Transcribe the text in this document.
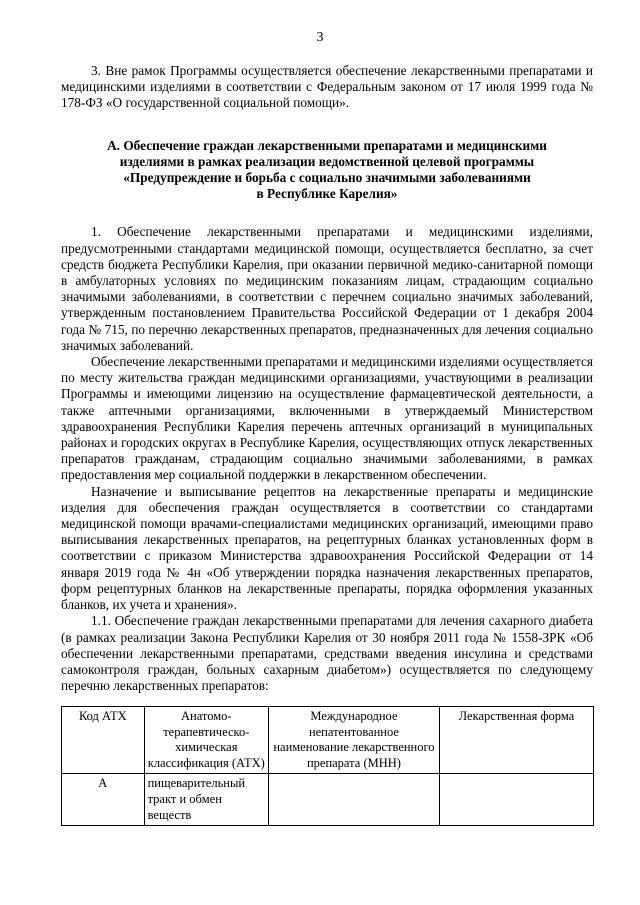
3

3. Вне рамок Программы осуществляется обеспечение лекарственными препаратами и медицинскими изделиями в соответствии с Федеральным законом от 17 июля 1999 года № 178-ФЗ «О государственной социальной помощи».

А. Обеспечение граждан лекарственными препаратами и медицинскими
изделиями в рамках реализации ведомственной целевой программы
«Предупреждение и борьба с социально значимыми заболеваниями
в Республике Карелия»

1. Обеспечение лекарственными препаратами и медицинскими изделиями, предусмотренными стандартами медицинской помощи, осуществляется бесплатно, за счет средств бюджета Республики Карелия, при оказании первичной медико-санитарной помощи в амбулаторных условиях по медицинским показаниям лицам, страдающим социально значимыми заболеваниями, в соответствии с перечнем социально значимых заболеваний, утвержденным постановлением Правительства Российской Федерации от 1 декабря 2004 года № 715, по перечню лекарственных препаратов, предназначенных для лечения социально значимых заболеваний.

Обеспечение лекарственными препаратами и медицинскими изделиями осуществляется по месту жительства граждан медицинскими организациями, участвующими в реализации Программы и имеющими лицензию на осуществление фармацевтической деятельности, а также аптечными организациями, включенными в утверждаемый Министерством здравоохранения Республики Карелия перечень аптечных организаций в муниципальных районах и городских округах в Республике Карелия, осуществляющих отпуск лекарственных препаратов гражданам, страдающим социально значимыми заболеваниями, в рамках предоставления мер социальной поддержки в лекарственном обеспечении.

Назначение и выписывание рецептов на лекарственные препараты и медицинские изделия для обеспечения граждан осуществляется в соответствии со стандартами медицинской помощи врачами-специалистами медицинских организаций, имеющими право выписывания лекарственных препаратов, на рецептурных бланках установленных форм в соответствии с приказом Министерства здравоохранения Российской Федерации от 14 января 2019 года № 4н «Об утверждении порядка назначения лекарственных препаратов, форм рецептурных бланков на лекарственные препараты, порядка оформления указанных бланков, их учета и хранения».

1.1. Обеспечение граждан лекарственными препаратами для лечения сахарного диабета (в рамках реализации Закона Республики Карелия от 30 ноября 2011 года № 1558-ЗРК «Об обеспечении лекарственными препаратами, средствами введения инсулина и средствами самоконтроля граждан, больных сахарным диабетом») осуществляется по следующему перечню лекарственных препаратов:

Код АТХ	Анатомо-терапевтическо-химическая классификация (АТХ)	Международное непатентованное наименование лекарственного препарата (МНН)	Лекарственная форма
А	пищеварительный тракт и обмен веществ		
